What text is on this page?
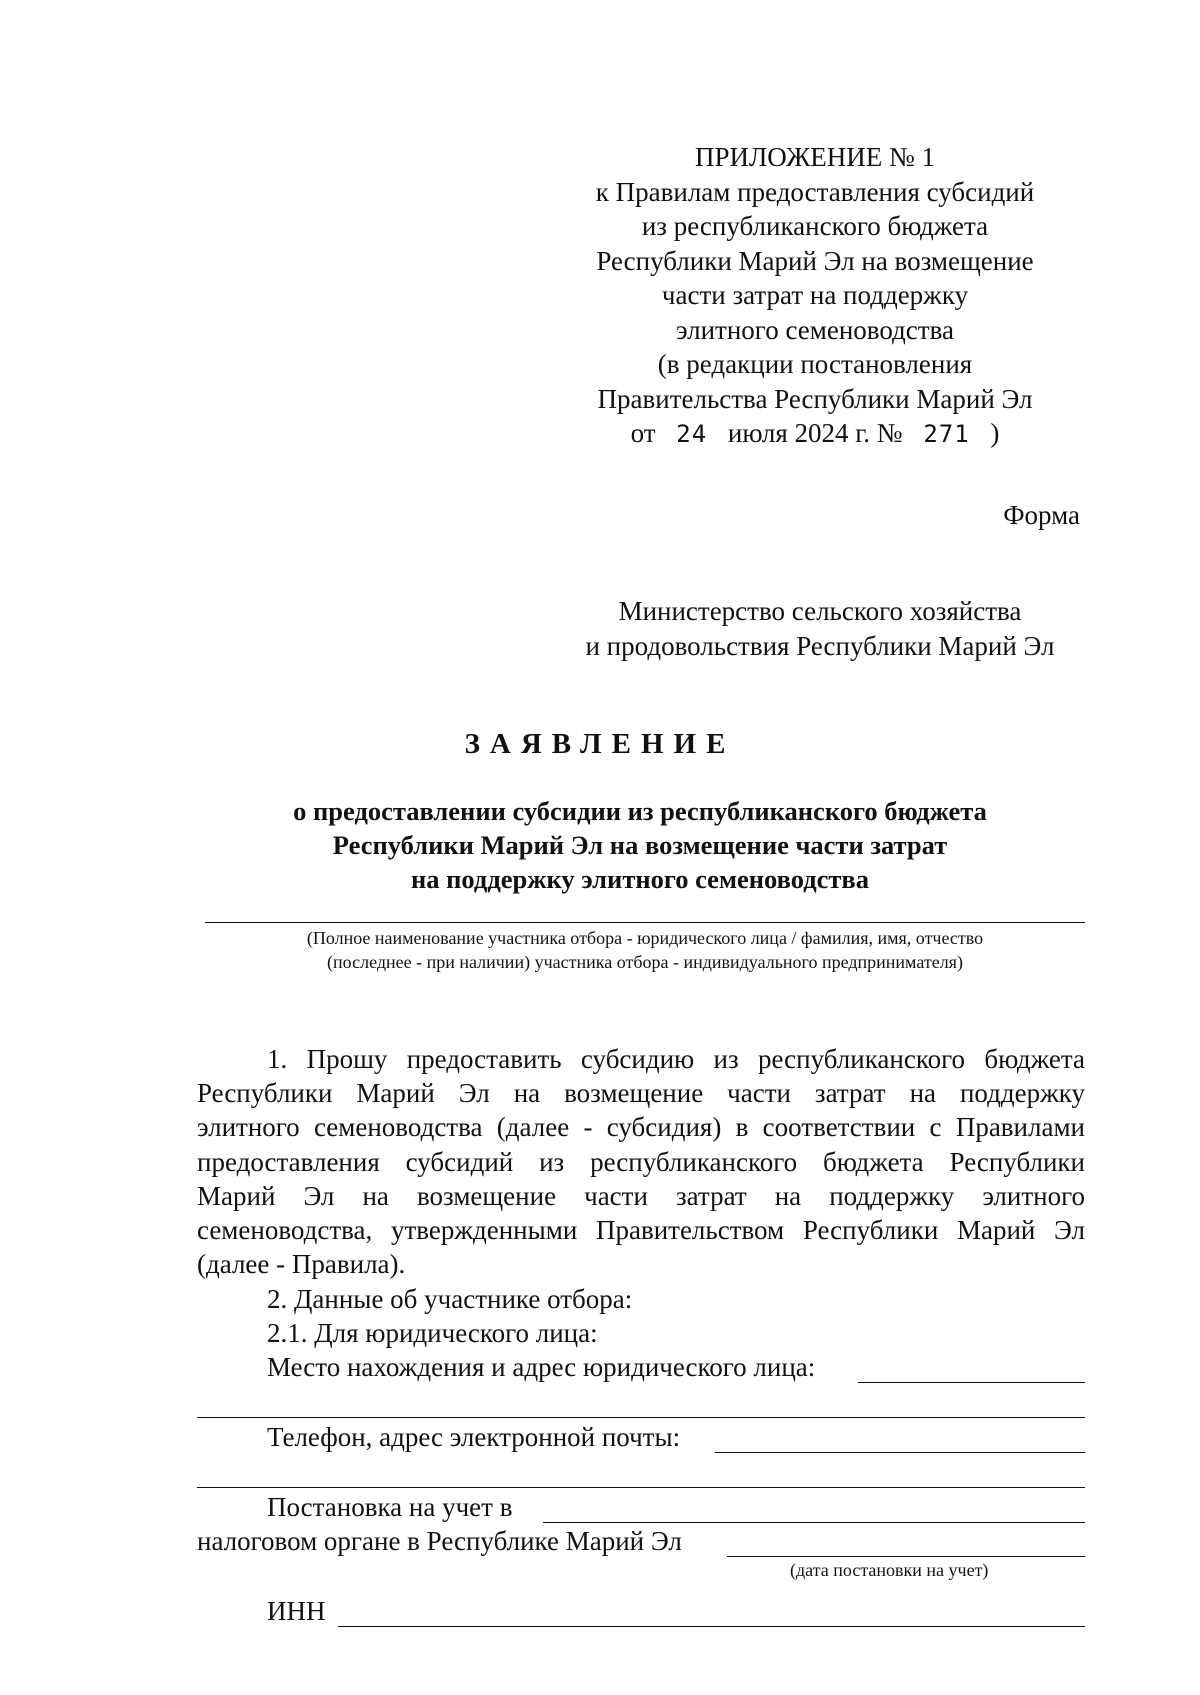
ПРИЛОЖЕНИЕ № 1
к Правилам предоставления субсидий
из республиканского бюджета
Республики Марий Эл на возмещение
части затрат на поддержку
элитного семеноводства
(в редакции постановления
Правительства Республики Марий Эл
от 24 июля 2024 г. № 271 )
Форма
Министерство сельского хозяйства
и продовольствия Республики Марий Эл
ЗАЯВЛЕНИЕ
о предоставлении субсидии из республиканского бюджета
Республики Марий Эл на возмещение части затрат
на поддержку элитного семеноводства
(Полное наименование участника отбора - юридического лица / фамилия, имя, отчество
(последнее - при наличии) участника отбора - индивидуального предпринимателя)
1. Прошу предоставить субсидию из республиканского бюджета
Республики Марий Эл на возмещение части затрат на поддержку
элитного семеноводства (далее - субсидия) в соответствии с Правилами
предоставления субсидий из республиканского бюджета Республики
Марий Эл на возмещение части затрат на поддержку элитного
семеноводства, утвержденными Правительством Республики Марий Эл
(далее - Правила).
2. Данные об участнике отбора:
2.1. Для юридического лица:
Место нахождения и адрес юридического лица:
Телефон, адрес электронной почты:
Постановка на учет в
налоговом органе в Республике Марий Эл
(дата постановки на учет)
ИНН
